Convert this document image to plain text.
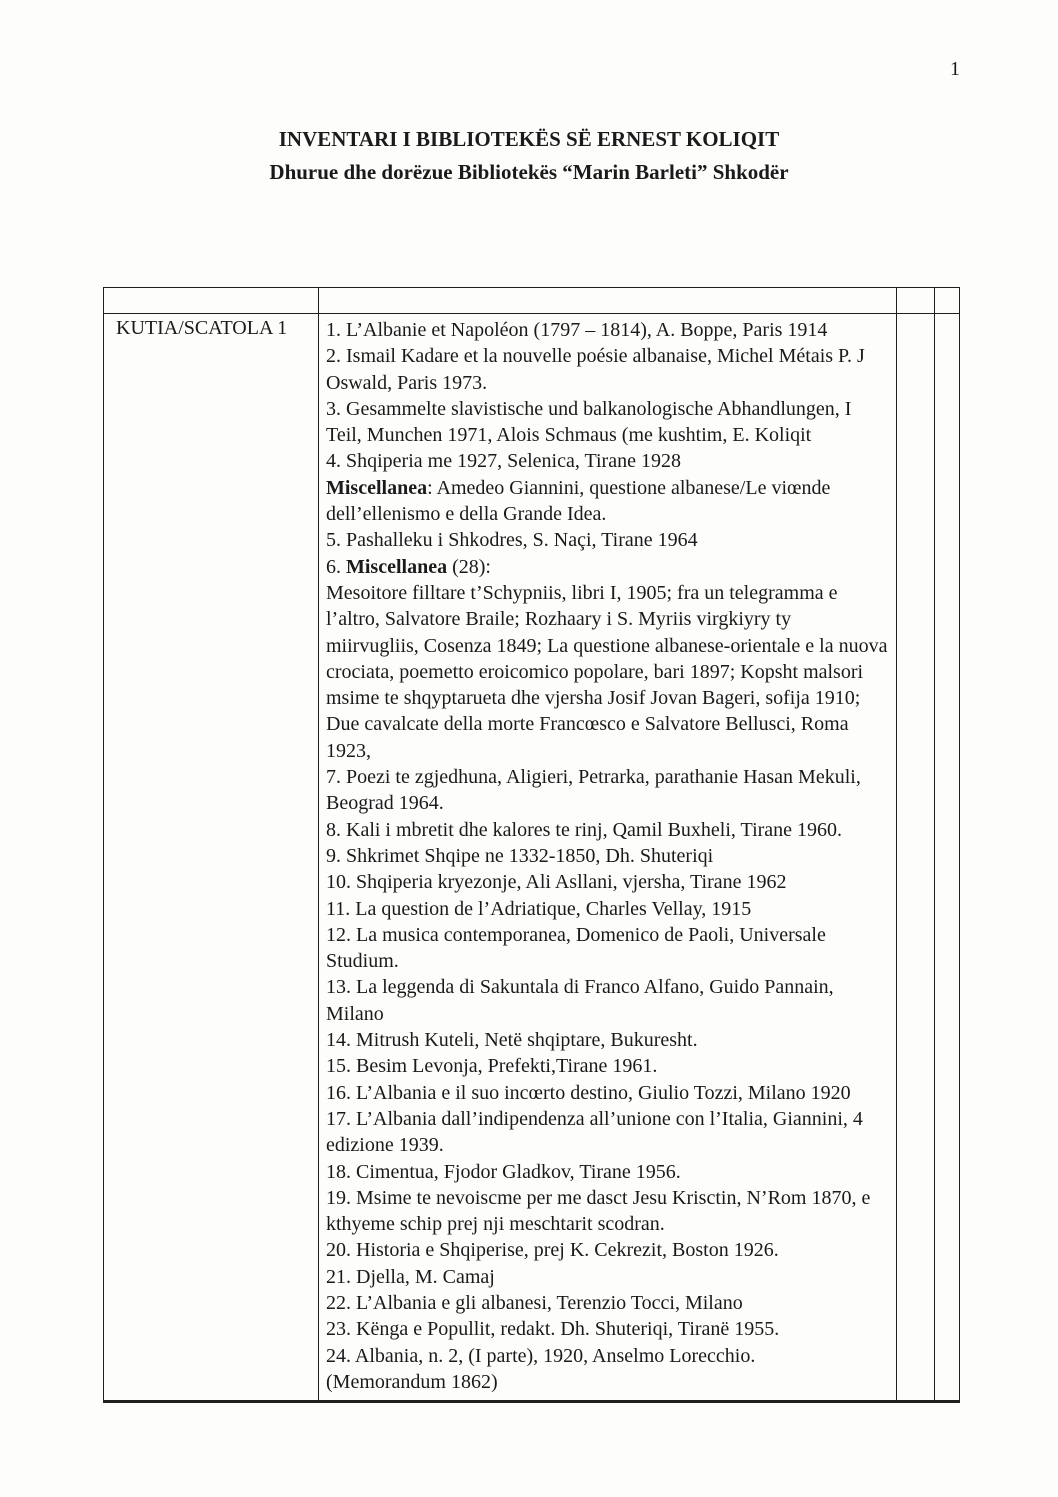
1
INVENTARI I BIBLIOTEKËS SË ERNEST KOLIQIT
Dhurue dhe dorëzue Bibliotekës “Marin Barleti” Shkodër

KUTIA/SCATOLA 1	1. L’Albanie et Napoléon (1797 – 1814), A. Boppe, Paris 1914
2. Ismail Kadare et la nouvelle poésie albanaise, Michel Métais P. J Oswald, Paris 1973.
3. Gesammelte slavistische und balkanologische Abhandlungen, I Teil, Munchen 1971, Alois Schmaus (me kushtim, E. Koliqit
4. Shqiperia me 1927, Selenica, Tirane 1928
Miscellanea: Amedeo Giannini, questione albanese/Le viœnde dell’ellenismo e della Grande Idea.
5. Pashalleku i Shkodres, S. Naçi, Tirane 1964
6. Miscellanea (28):
Mesoitore filltare t’Schypniis, libri I, 1905; fra un telegramma e l’altro, Salvatore Braile; Rozhaary i S. Myriis virgkiyry ty miirvugliis, Cosenza 1849; La questione albanese-orientale e la nuova crociata, poemetto eroicomico popolare, bari 1897; Kopsht malsori msime te shqyptarueta dhe vjersha Josif Jovan Bageri, sofija 1910; Due cavalcate della morte Francœsco e Salvatore Bellusci, Roma 1923,
7. Poezi te zgjedhuna, Aligieri, Petrarka, parathanie Hasan Mekuli, Beograd 1964.
8. Kali i mbretit dhe kalores te rinj, Qamil Buxheli, Tirane 1960.
9. Shkrimet Shqipe ne 1332-1850, Dh. Shuteriqi
10. Shqiperia kryezonje, Ali Asllani, vjersha, Tirane 1962
11. La question de l’Adriatique, Charles Vellay, 1915
12. La musica contemporanea, Domenico de Paoli, Universale Studium.
13. La leggenda di Sakuntala di Franco Alfano, Guido Pannain, Milano
14. Mitrush Kuteli, Netë shqiptare, Bukuresht.
15. Besim Levonja, Prefekti,Tirane 1961.
16. L’Albania e il suo incœrto destino, Giulio Tozzi, Milano 1920
17. L’Albania dall’indipendenza all’unione con l’Italia, Giannini, 4 edizione 1939.
18. Cimentua, Fjodor Gladkov, Tirane 1956.
19. Msime te nevoiscme per me dasct Jesu Krisctin, N’Rom 1870, e kthyeme schip prej nji meschtarit scodran.
20. Historia e Shqiperise, prej K. Cekrezit, Boston 1926.
21. Djella, M. Camaj
22. L’Albania e gli albanesi, Terenzio Tocci, Milano
23. Kënga e Popullit, redakt. Dh. Shuteriqi, Tiranë 1955.
24. Albania, n. 2, (I parte), 1920, Anselmo Lorecchio.
(Memorandum 1862)
